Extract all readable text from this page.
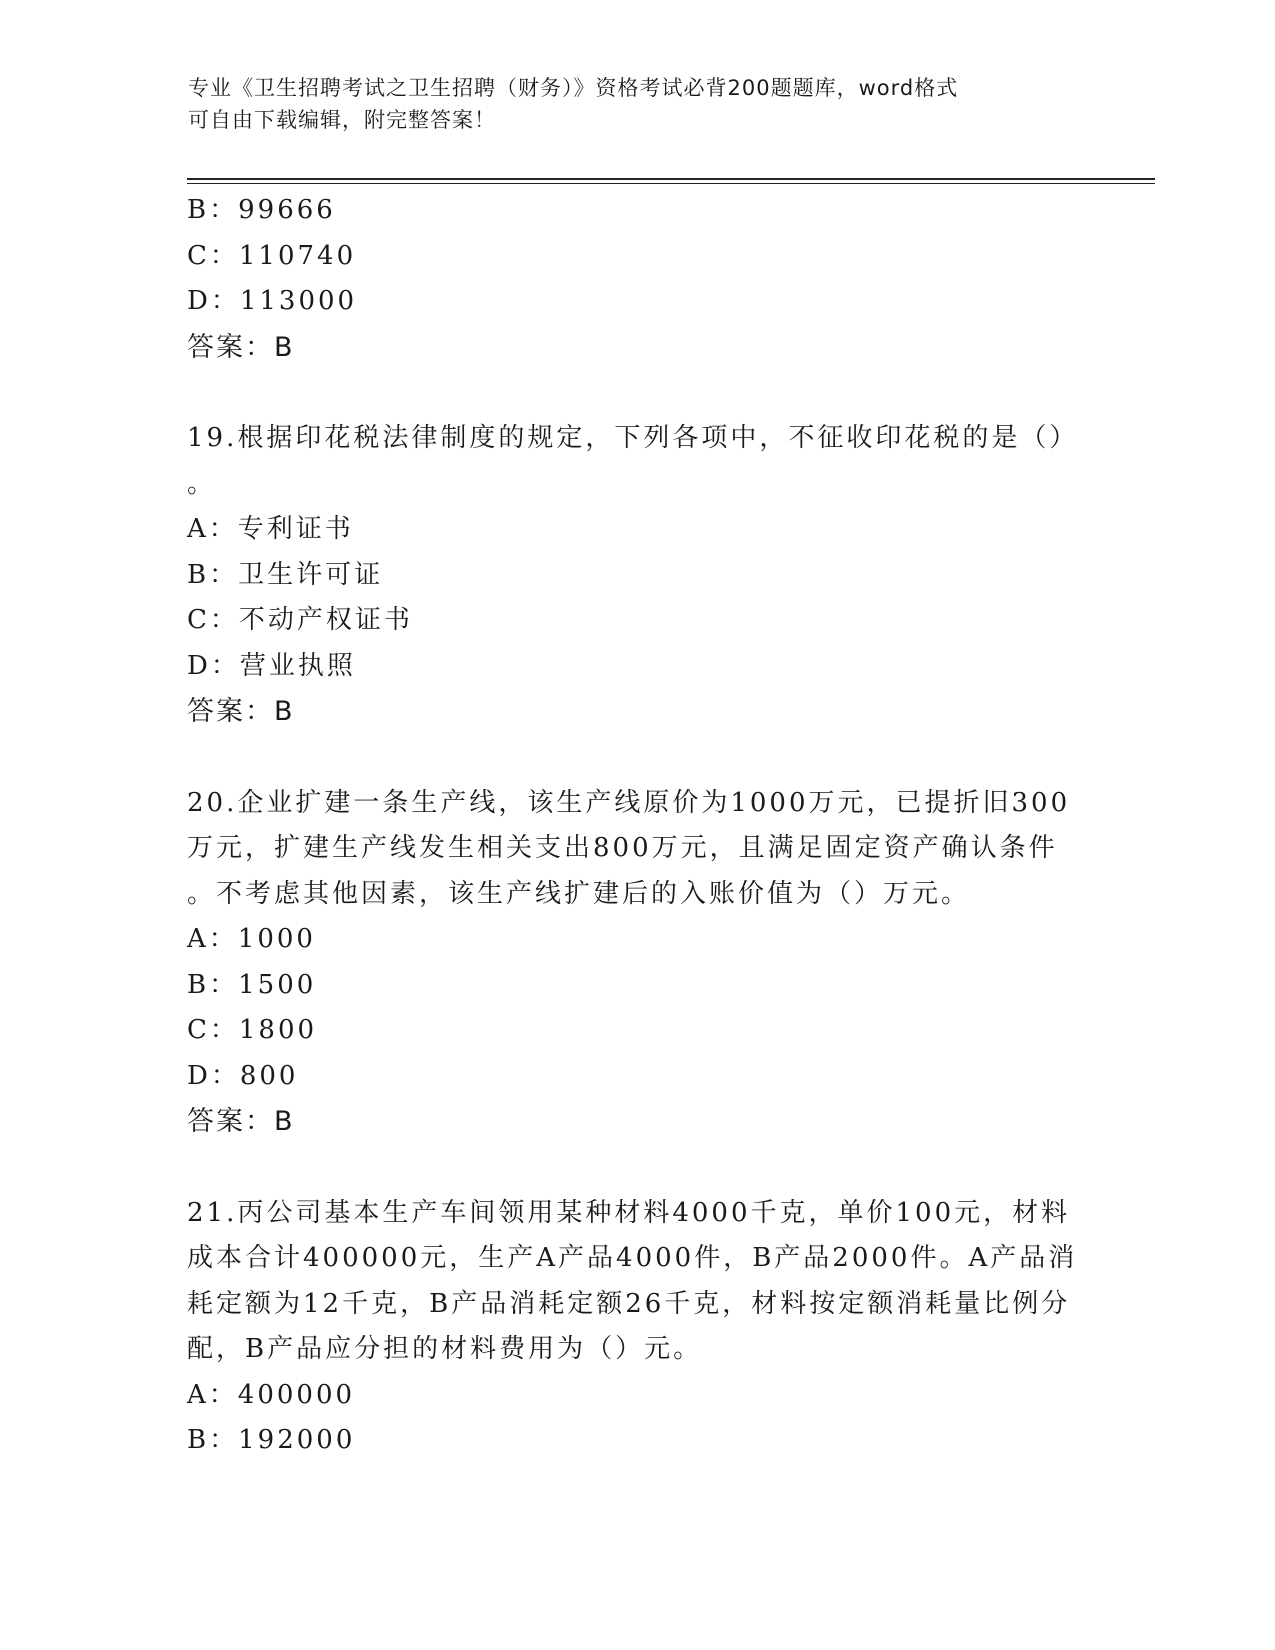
专业《卫生招聘考试之卫生招聘（财务）》资格考试必背200题题库，word格式
可自由下载编辑，附完整答案！
B：99666
C：110740
D：113000
答案：B
19.根据印花税法律制度的规定，下列各项中，不征收印花税的是（）
。
A：专利证书
B：卫生许可证
C：不动产权证书
D：营业执照
答案：B
20.企业扩建一条生产线，该生产线原价为1000万元，已提折旧300
万元，扩建生产线发生相关支出800万元，且满足固定资产确认条件
。不考虑其他因素，该生产线扩建后的入账价值为（）万元。
A：1000
B：1500
C：1800
D：800
答案：B
21.丙公司基本生产车间领用某种材料4000千克，单价100元，材料
成本合计400000元，生产A产品4000件，B产品2000件。A产品消
耗定额为12千克，B产品消耗定额26千克，材料按定额消耗量比例分
配，B产品应分担的材料费用为（）元。
A：400000
B：192000
